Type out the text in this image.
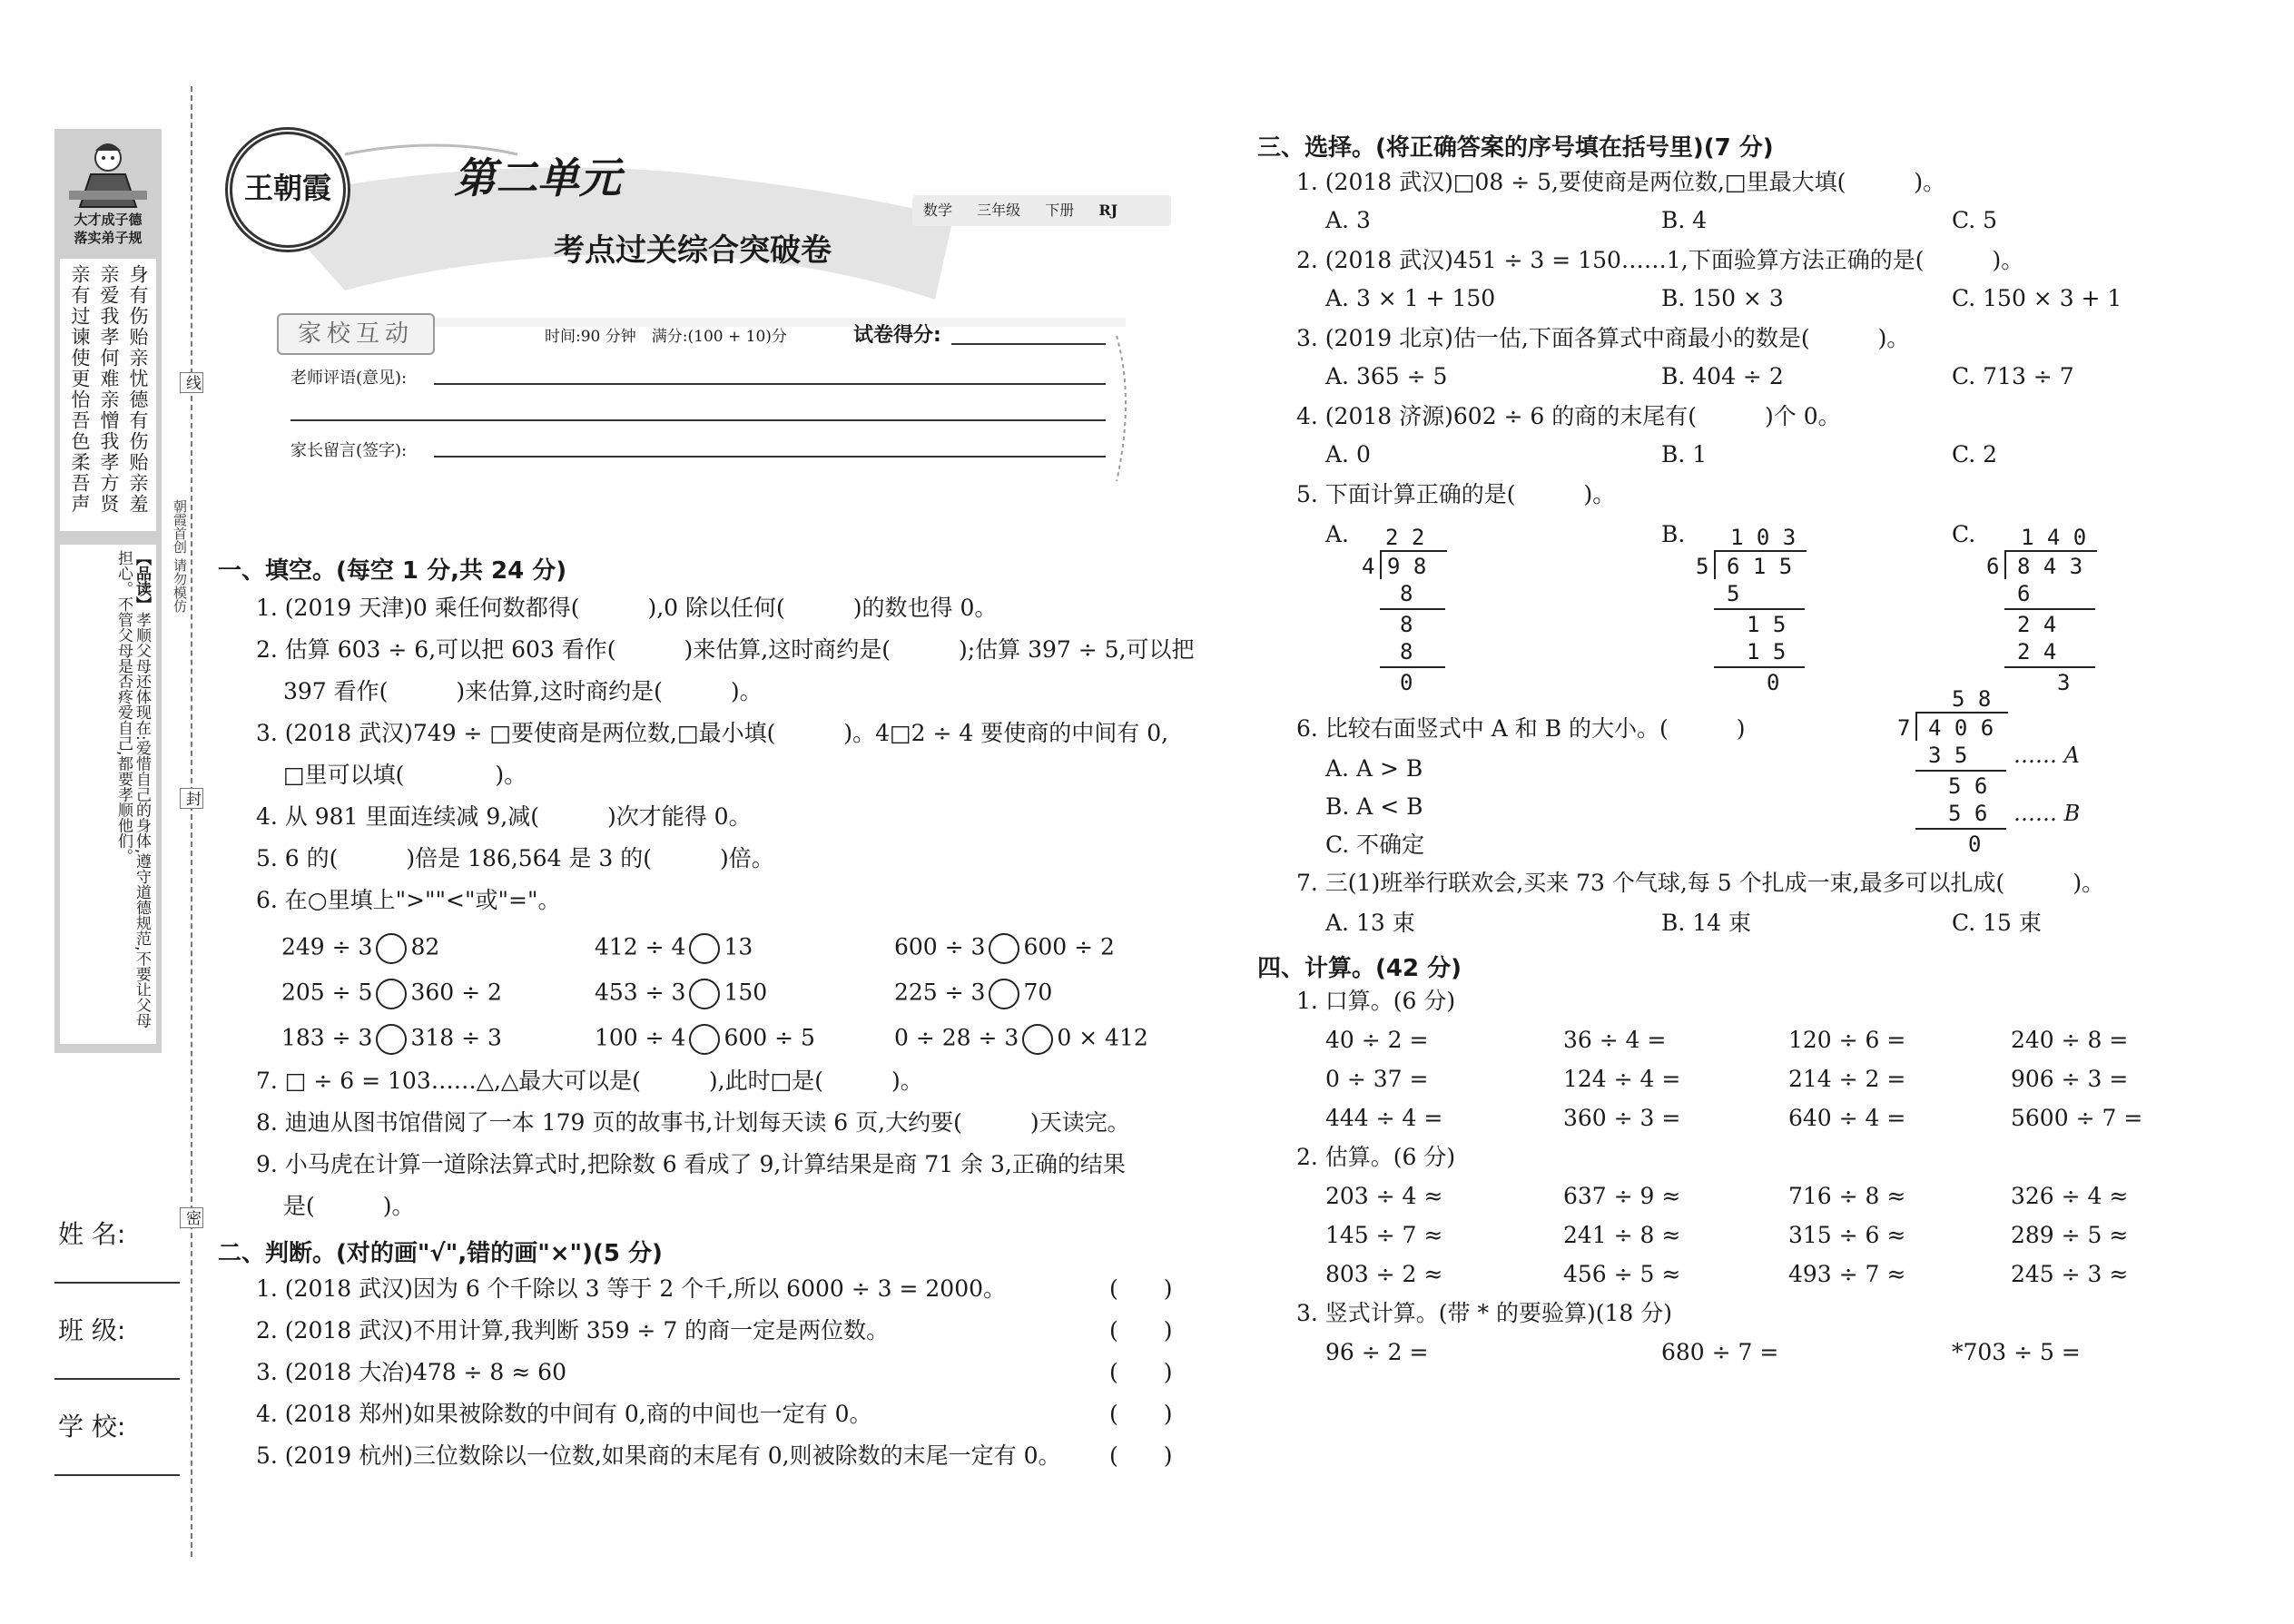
大才成子德
落实弟子规
身有伤贻亲忧德有伤贻亲羞
亲爱我孝何难亲憎我孝方贤
亲有过谏使更怡吾色柔吾声
【品读】孝顺父母还体现在:爱惜自己的身体,遵守道德规范,不要让父母担心。不管父母是否疼爱自己,都要孝顺他们。
线
封
密
朝霞首创 请勿模仿
姓 名:
班 级:
学 校:
王朝霞	第二单元
考点过关综合突破卷
数学 三年级 下册 RJ
家校互动	时间:90 分钟　满分:(100 + 10)分	试卷得分:
老师评语(意见):
家长留言(签字):
一、填空。(每空 1 分,共 24 分)
1. (2019 天津)0 乘任何数都得(　　　),0 除以任何(　　　)的数也得 0。
2. 估算 603 ÷ 6,可以把 603 看作(　　　)来估算,这时商约是(　　　);估算 397 ÷ 5,可以把
397 看作(　　　)来估算,这时商约是(　　　)。
3. (2018 武汉)749 ÷ □要使商是两位数,□最小填(　　　)。4□2 ÷ 4 要使商的中间有 0,
□里可以填(　　　　)。
4. 从 981 里面连续减 9,减(　　　)次才能得 0。
5. 6 的(　　　)倍是 186,564 是 3 的(　　　)倍。
6. 在○里填上">""<"或"="。
249 ÷ 3 82	412 ÷ 4 13	600 ÷ 3 600 ÷ 2
205 ÷ 5 360 ÷ 2	453 ÷ 3 150	225 ÷ 3 70
183 ÷ 3 318 ÷ 3	100 ÷ 4 600 ÷ 5	0 ÷ 28 ÷ 3 0 × 412
7. □ ÷ 6 = 103……△,△最大可以是(　　　),此时□是(　　　)。
8. 迪迪从图书馆借阅了一本 179 页的故事书,计划每天读 6 页,大约要(　　　)天读完。
9. 小马虎在计算一道除法算式时,把除数 6 看成了 9,计算结果是商 71 余 3,正确的结果
是(　　　)。
二、判断。(对的画"√",错的画"×")(5 分)
1. (2018 武汉)因为 6 个千除以 3 等于 2 个千,所以 6000 ÷ 3 = 2000。	(　　)
2. (2018 武汉)不用计算,我判断 359 ÷ 7 的商一定是两位数。	(　　)
3. (2018 大冶)478 ÷ 8 ≈ 60	(　　)
4. (2018 郑州)如果被除数的中间有 0,商的中间也一定有 0。	(　　)
5. (2019 杭州)三位数除以一位数,如果商的末尾有 0,则被除数的末尾一定有 0。 (　　)
三、选择。(将正确答案的序号填在括号里)(7 分)
1. (2018 武汉)□08 ÷ 5,要使商是两位数,□里最大填(　　　)。
A. 3	B. 4	C. 5
2. (2018 武汉)451 ÷ 3 = 150……1,下面验算方法正确的是(　　　)。
A. 3 × 1 + 150	B. 150 × 3	C. 150 × 3 + 1
3. (2019 北京)估一估,下面各算式中商最小的数是(　　　)。
A. 365 ÷ 5	B. 404 ÷ 2	C. 713 ÷ 7
4. (2018 济源)602 ÷ 6 的商的末尾有(　　　)个 0。
A. 0	B. 1	C. 2
5. 下面计算正确的是(　　　)。
A. 2 2
4 9 8
8
8
8
0
B. 1 0 3
5 6 1 5
5
1 5
1 5
0
C. 1 4 0
6 8 4 3
6
2 4
2 4
3
6. 比较右面竖式中 A 和 B 的大小。(　　　)
A. A > B
B. A < B
C. 不确定
5 8
7 4 0 6
3 5 …… A
5 6
5 6 …… B
0
7. 三(1)班举行联欢会,买来 73 个气球,每 5 个扎成一束,最多可以扎成(　　　)。
A. 13 束	B. 14 束	C. 15 束
四、计算。(42 分)
1. 口算。(6 分)
40 ÷ 2 =	36 ÷ 4 =	120 ÷ 6 =	240 ÷ 8 =
0 ÷ 37 =	124 ÷ 4 =	214 ÷ 2 =	906 ÷ 3 =
444 ÷ 4 =	360 ÷ 3 =	640 ÷ 4 =	5600 ÷ 7 =
2. 估算。(6 分)
203 ÷ 4 ≈	637 ÷ 9 ≈	716 ÷ 8 ≈	326 ÷ 4 ≈
145 ÷ 7 ≈	241 ÷ 8 ≈	315 ÷ 6 ≈	289 ÷ 5 ≈
803 ÷ 2 ≈	456 ÷ 5 ≈	493 ÷ 7 ≈	245 ÷ 3 ≈
3. 竖式计算。(带 * 的要验算)(18 分)
96 ÷ 2 =	680 ÷ 7 =	*703 ÷ 5 =
